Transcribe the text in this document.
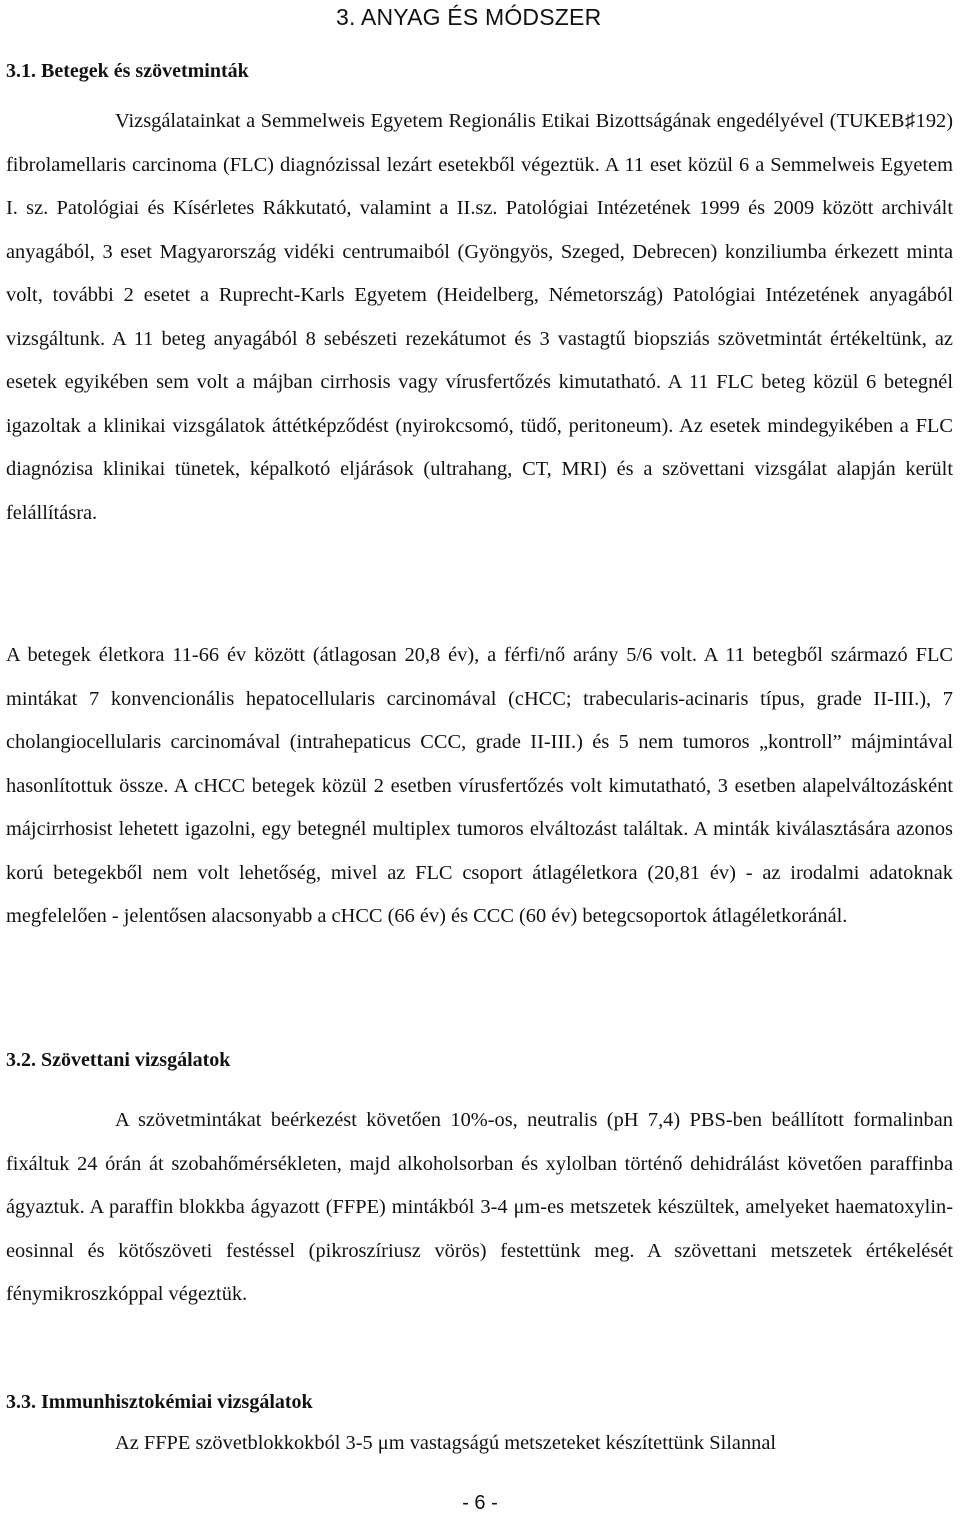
3. ANYAG ÉS MÓDSZER
3.1. Betegek és szövetminták

Vizsgálatainkat a Semmelweis Egyetem Regionális Etikai Bizottságának engedélyével (TUKEB♯192) fibrolamellaris carcinoma (FLC) diagnózissal lezárt esetekből végeztük. A 11 eset közül 6 a Semmelweis Egyetem I. sz. Patológiai és Kísérletes Rákkutató, valamint a II.sz. Patológiai Intézetének 1999 és 2009 között archivált anyagából, 3 eset Magyarország vidéki centrumaiból (Gyöngyös, Szeged, Debrecen) konziliumba érkezett minta volt, további 2 esetet a Ruprecht-Karls Egyetem (Heidelberg, Németország) Patológiai Intézetének anyagából vizsgáltunk. A 11 beteg anyagából 8 sebészeti rezekátumot és 3 vastagtű biopsziás szövetmintát értékeltünk, az esetek egyikében sem volt a májban cirrhosis vagy vírusfertőzés kimutatható. A 11 FLC beteg közül 6 betegnél igazoltak a klinikai vizsgálatok áttétképződést (nyirokcsomó, tüdő, peritoneum). Az esetek mindegyikében a FLC diagnózisa klinikai tünetek, képalkotó eljárások (ultrahang, CT, MRI) és a szövettani vizsgálat alapján került felállításra.

A betegek életkora 11-66 év között (átlagosan 20,8 év), a férfi/nő arány 5/6 volt. A 11 betegből származó FLC mintákat 7 konvencionális hepatocellularis carcinomával (cHCC; trabecularis-acinaris típus, grade II-III.), 7 cholangiocellularis carcinomával (intrahepaticus CCC, grade II-III.) és 5 nem tumoros „kontroll” májmintával hasonlítottuk össze. A cHCC betegek közül 2 esetben vírusfertőzés volt kimutatható, 3 esetben alapelváltozásként májcirrhosist lehetett igazolni, egy betegnél multiplex tumoros elváltozást találtak. A minták kiválasztására azonos korú betegekből nem volt lehetőség, mivel az FLC csoport átlagéletkora (20,81 év) - az irodalmi adatoknak megfelelően - jelentősen alacsonyabb a cHCC (66 év) és CCC (60 év) betegcsoportok átlagéletkoránál.

3.2. Szövettani vizsgálatok

A szövetmintákat beérkezést követően 10%-os, neutralis (pH 7,4) PBS-ben beállított formalinban fixáltuk 24 órán át szobahőmérsékleten, majd alkoholsorban és xylolban történő dehidrálást követően paraffinba ágyaztuk. A paraffin blokkba ágyazott (FFPE) mintákból 3-4 μm-es metszetek készültek, amelyeket haematoxylin-eosinnal és kötőszöveti festéssel (pikroszíriusz vörös) festettünk meg. A szövettani metszetek értékelését fénymikroszkóppal végeztük.

3.3. Immunhisztokémiai vizsgálatok

Az FFPE szövetblokkokból 3-5 μm vastagságú metszeteket készítettünk Silannal

- 6 -
